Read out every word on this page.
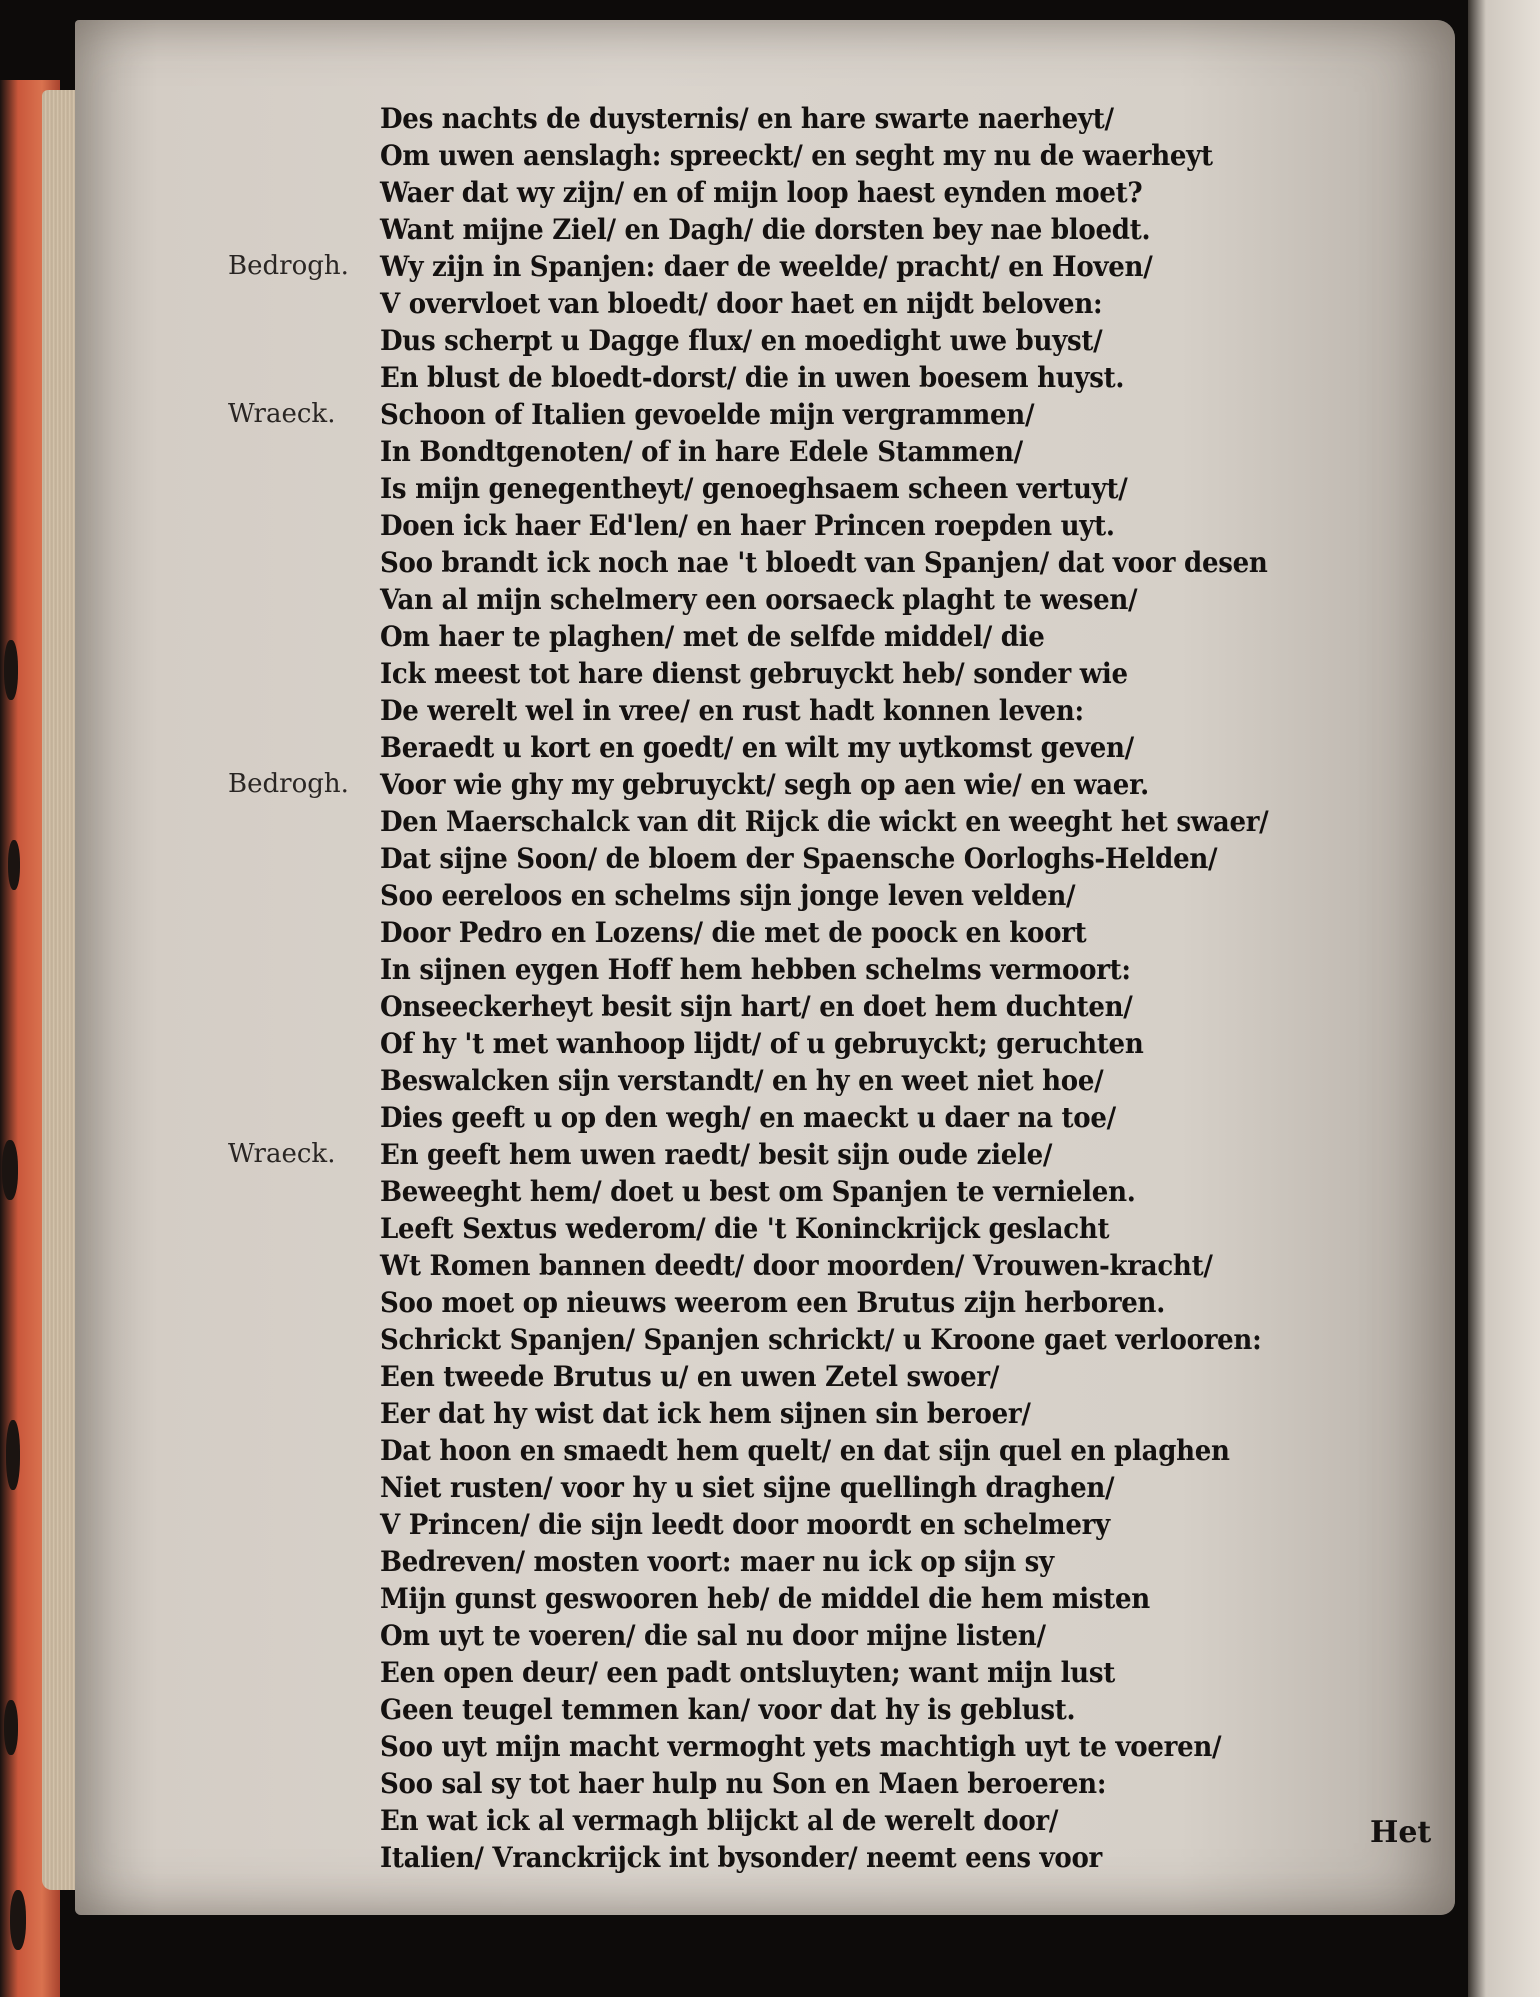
Bedrogh.
Wraeck.
Bedrogh.
Wraeck.
Des nachts de duysternis/ en hare swarte naerheyt/
Om uwen aenslagh: spreeckt/ en seght my nu de waerheyt
Waer dat wy zijn/ en of mijn loop haest eynden moet?
Want mijne Ziel/ en Dagh/ die dorsten bey nae bloedt.
Wy zijn in Spanjen: daer de weelde/ pracht/ en Hoven/
V overvloet van bloedt/ door haet en nijdt beloven:
Dus scherpt u Dagge flux/ en moedight uwe buyst/
En blust de bloedt-dorst/ die in uwen boesem huyst.
Schoon of Italien gevoelde mijn vergrammen/
In Bondtgenoten/ of in hare Edele Stammen/
Is mijn genegentheyt/ genoeghsaem scheen vertuyt/
Doen ick haer Ed'len/ en haer Princen roepden uyt.
Soo brandt ick noch nae 't bloedt van Spanjen/ dat voor desen
Van al mijn schelmery een oorsaeck plaght te wesen/
Om haer te plaghen/ met de selfde middel/ die
Ick meest tot hare dienst gebruyckt heb/ sonder wie
De werelt wel in vree/ en rust hadt konnen leven:
Beraedt u kort en goedt/ en wilt my uytkomst geven/
Voor wie ghy my gebruyckt/ segh op aen wie/ en waer.
Den Maerschalck van dit Rijck die wickt en weeght het swaer/
Dat sijne Soon/ de bloem der Spaensche Oorloghs-Helden/
Soo eereloos en schelms sijn jonge leven velden/
Door Pedro en Lozens/ die met de poock en koort
In sijnen eygen Hoff hem hebben schelms vermoort:
Onseeckerheyt besit sijn hart/ en doet hem duchten/
Of hy 't met wanhoop lijdt/ of u gebruyckt; geruchten
Beswalcken sijn verstandt/ en hy en weet niet hoe/
Dies geeft u op den wegh/ en maeckt u daer na toe/
En geeft hem uwen raedt/ besit sijn oude ziele/
Beweeght hem/ doet u best om Spanjen te vernielen.
Leeft Sextus wederom/ die 't Koninckrijck geslacht
Wt Romen bannen deedt/ door moorden/ Vrouwen-kracht/
Soo moet op nieuws weerom een Brutus zijn herboren.
Schrickt Spanjen/ Spanjen schrickt/ u Kroone gaet verlooren:
Een tweede Brutus u/ en uwen Zetel swoer/
Eer dat hy wist dat ick hem sijnen sin beroer/
Dat hoon en smaedt hem quelt/ en dat sijn quel en plaghen
Niet rusten/ voor hy u siet sijne quellingh draghen/
V Princen/ die sijn leedt door moordt en schelmery
Bedreven/ mosten voort: maer nu ick op sijn sy
Mijn gunst geswooren heb/ de middel die hem misten
Om uyt te voeren/ die sal nu door mijne listen/
Een open deur/ een padt ontsluyten; want mijn lust
Geen teugel temmen kan/ voor dat hy is geblust.
Soo uyt mijn macht vermoght yets machtigh uyt te voeren/
Soo sal sy tot haer hulp nu Son en Maen beroeren:
En wat ick al vermagh blijckt al de werelt door/
Italien/ Vranckrijck int bysonder/ neemt eens voor
Het
